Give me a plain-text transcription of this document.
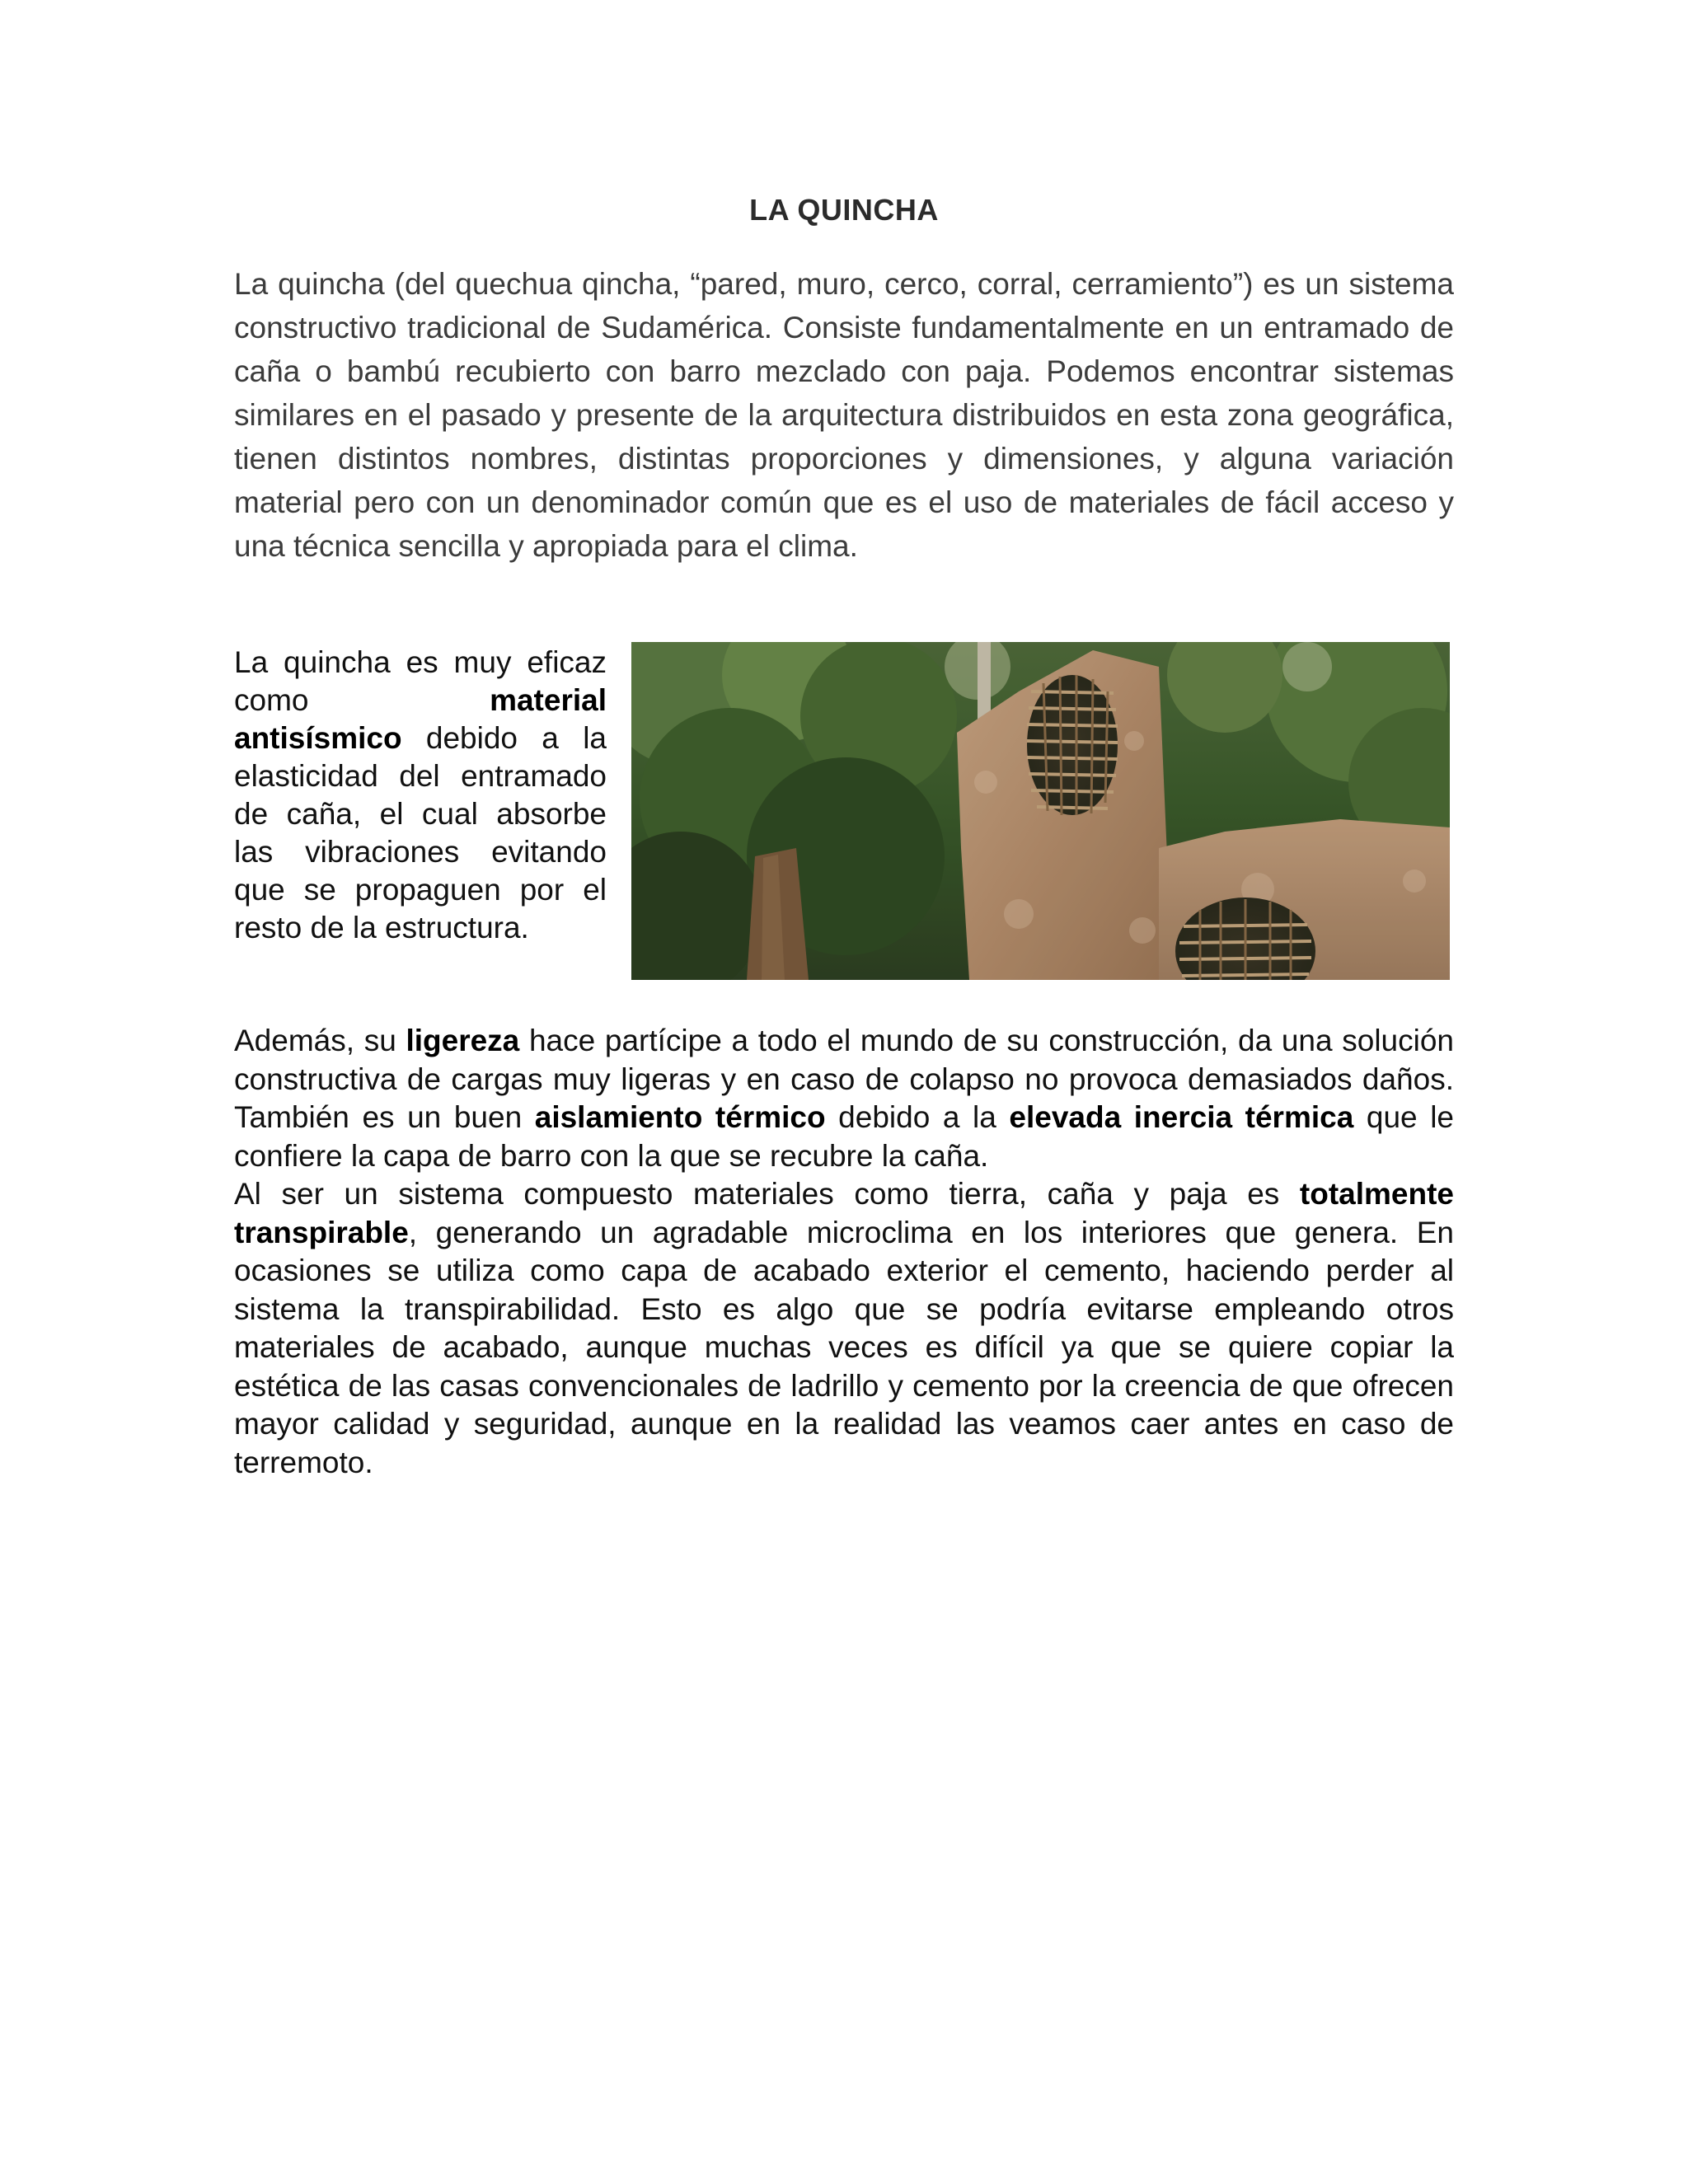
LA QUINCHA

La quincha (del quechua qincha, “pared, muro, cerco, corral, cerramiento”) es un sistema constructivo tradicional de Sudamérica. Consiste fundamentalmente en un entramado de caña o bambú recubierto con barro mezclado con paja. Podemos encontrar sistemas similares en el pasado y presente de la arquitectura distribuidos en esta zona geográfica, tienen distintos nombres, distintas proporciones y dimensiones, y alguna variación material pero con un denominador común que es el uso de materiales de fácil acceso y una técnica sencilla y apropiada para el clima.

La quincha es muy eficaz como material antisísmico debido a la elasticidad del entramado de caña, el cual absorbe las vibraciones evitando que se propaguen por el resto de la estructura.

Además, su ligereza hace partícipe a todo el mundo de su construcción, da una solución constructiva de cargas muy ligeras y en caso de colapso no provoca demasiados daños. También es un buen aislamiento térmico debido a la elevada inercia térmica que le confiere la capa de barro con la que se recubre la caña.

Al ser un sistema compuesto materiales como tierra, caña y paja es totalmente transpirable, generando un agradable microclima en los interiores que genera. En ocasiones se utiliza como capa de acabado exterior el cemento, haciendo perder al sistema la transpirabilidad. Esto es algo que se podría evitarse empleando otros materiales de acabado, aunque muchas veces es difícil ya que se quiere copiar la estética de las casas convencionales de ladrillo y cemento por la creencia de que ofrecen mayor calidad y seguridad, aunque en la realidad las veamos caer antes en caso de terremoto.
